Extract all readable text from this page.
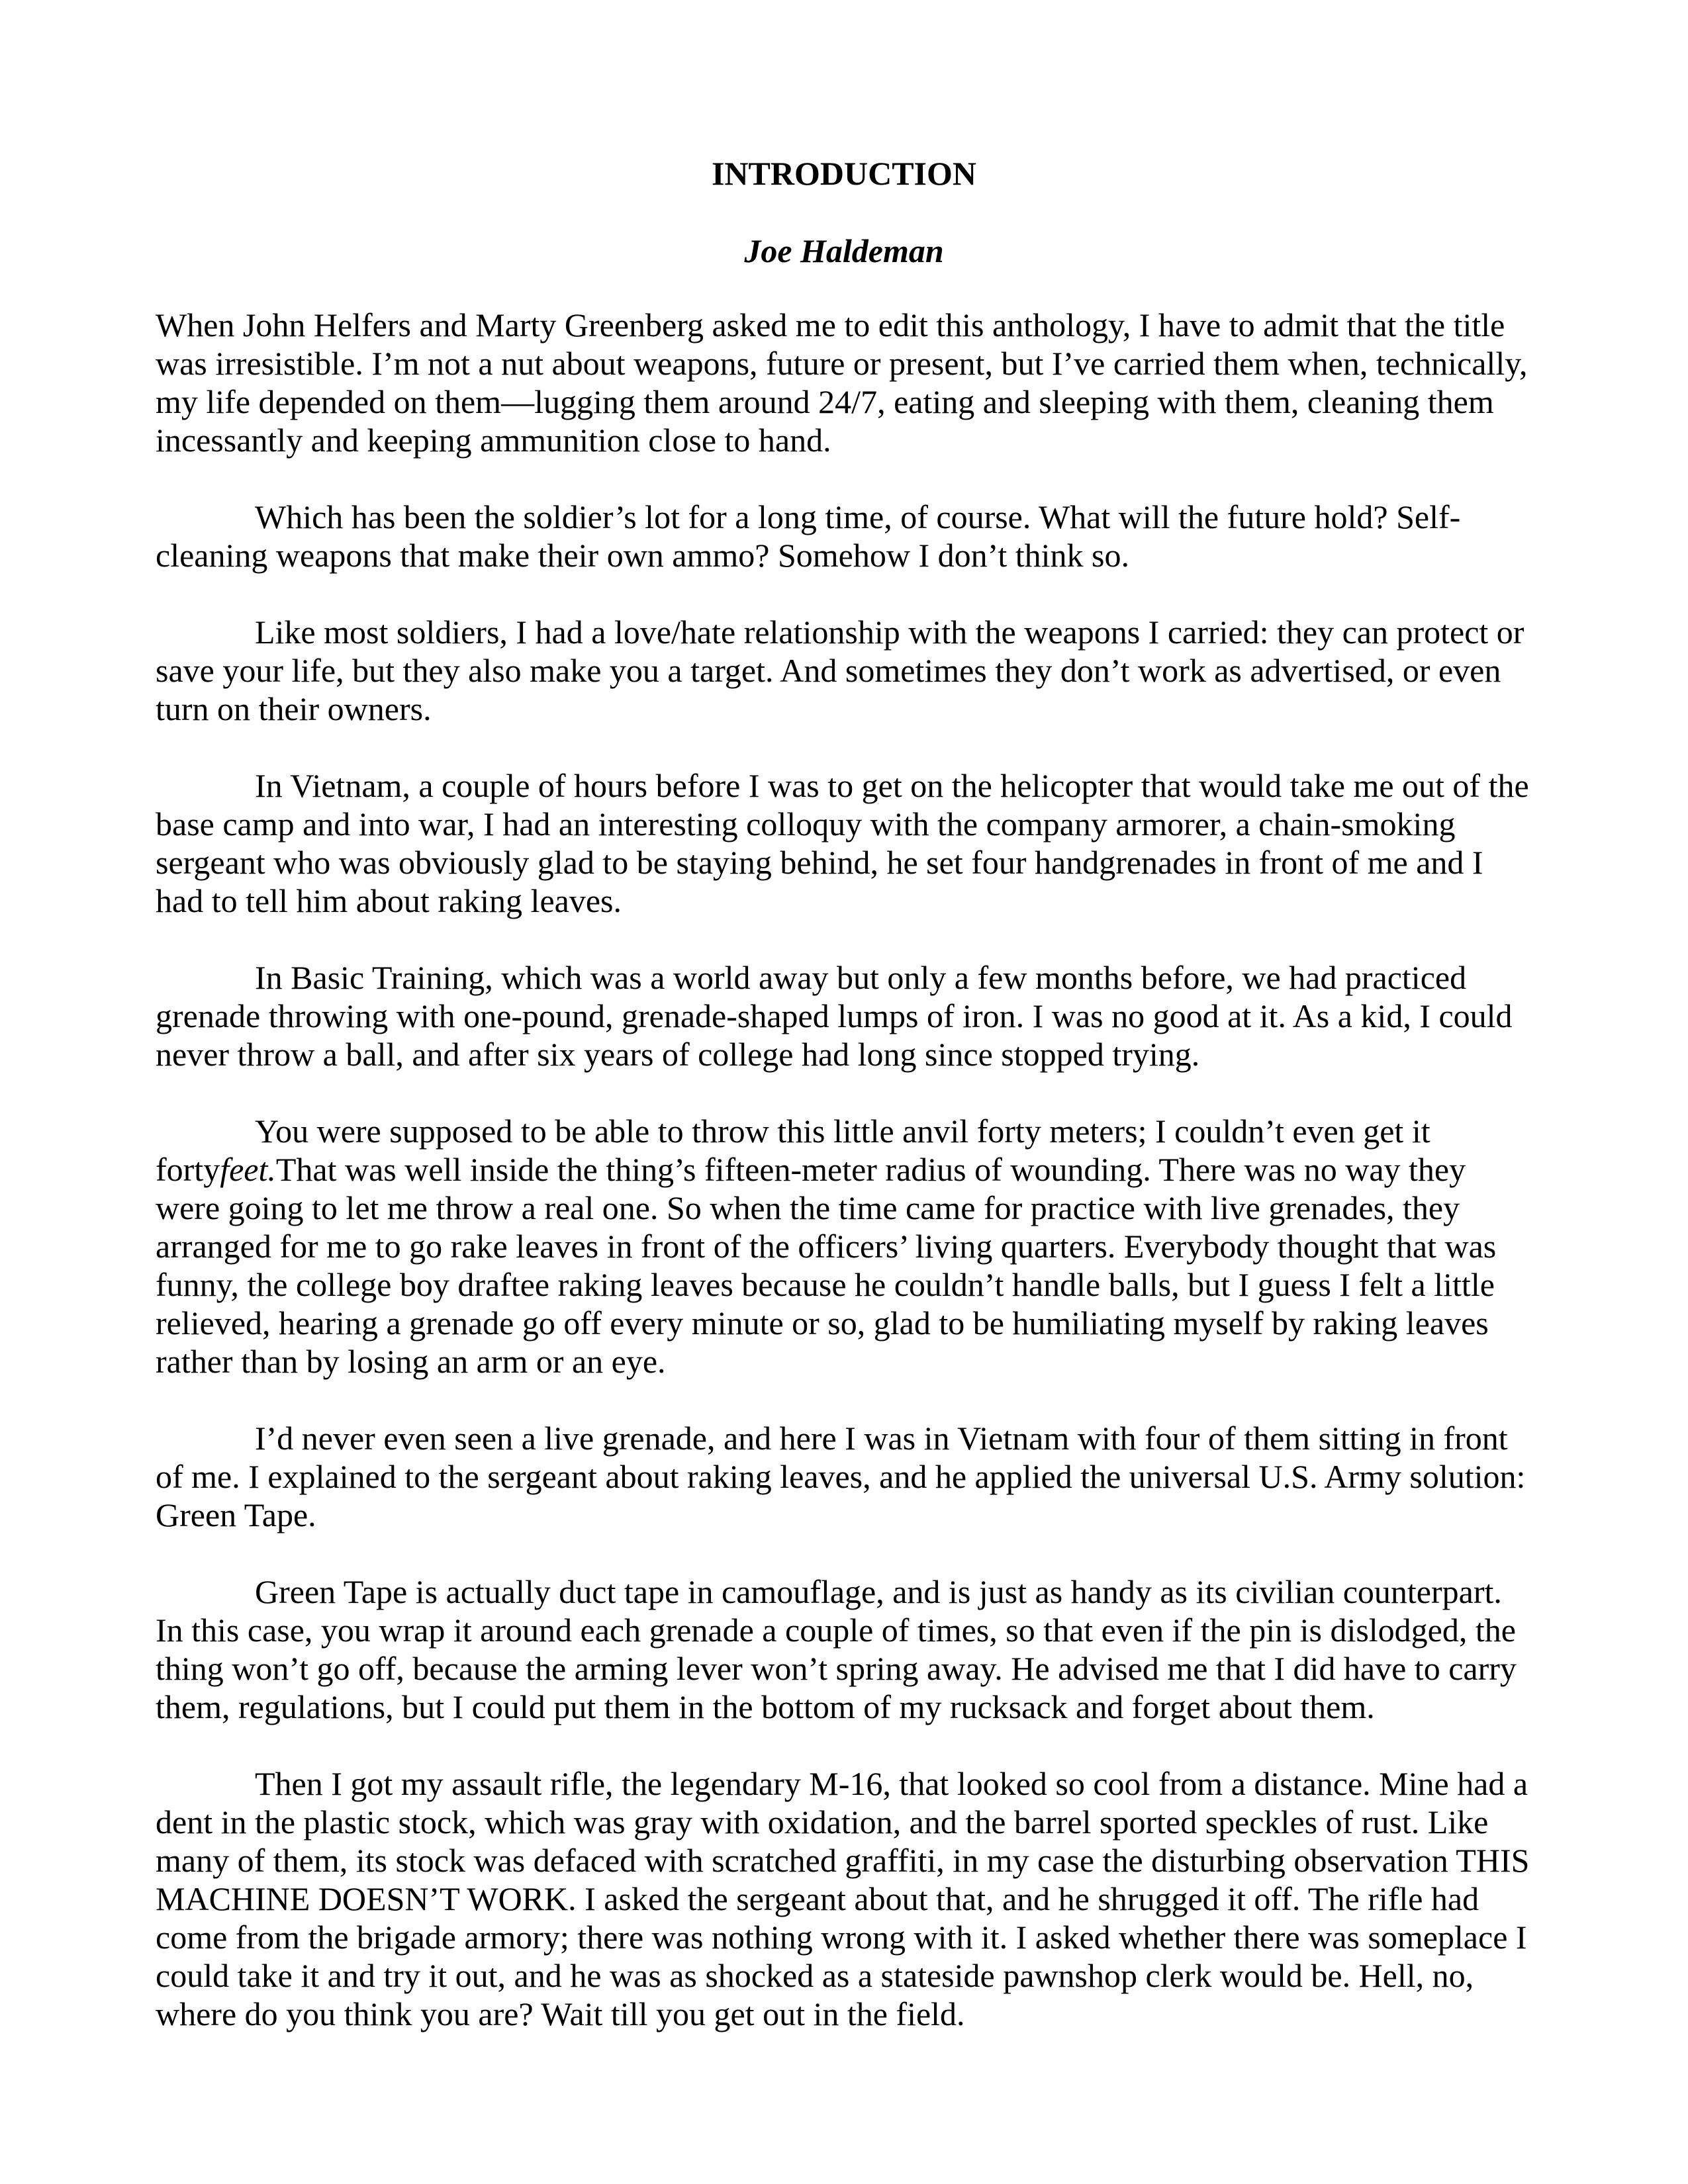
INTRODUCTION
Joe Haldeman

When John Helfers and Marty Greenberg asked me to edit this anthology, I have to admit that the title
was irresistible. I’m not a nut about weapons, future or present, but I’ve carried them when, technically,
my life depended on them—lugging them around 24/7, eating and sleeping with them, cleaning them
incessantly and keeping ammunition close to hand.

Which has been the soldier’s lot for a long time, of course. What will the future hold? Self-
cleaning weapons that make their own ammo? Somehow I don’t think so.

Like most soldiers, I had a love/hate relationship with the weapons I carried: they can protect or
save your life, but they also make you a target. And sometimes they don’t work as advertised, or even
turn on their owners.

In Vietnam, a couple of hours before I was to get on the helicopter that would take me out of the
base camp and into war, I had an interesting colloquy with the company armorer, a chain-smoking
sergeant who was obviously glad to be staying behind, he set four handgrenades in front of me and I
had to tell him about raking leaves.

In Basic Training, which was a world away but only a few months before, we had practiced
grenade throwing with one-pound, grenade-shaped lumps of iron. I was no good at it. As a kid, I could
never throw a ball, and after six years of college had long since stopped trying.

You were supposed to be able to throw this little anvil forty meters; I couldn’t even get it
fortyfeet.That was well inside the thing’s fifteen-meter radius of wounding. There was no way they
were going to let me throw a real one. So when the time came for practice with live grenades, they
arranged for me to go rake leaves in front of the officers’ living quarters. Everybody thought that was
funny, the college boy draftee raking leaves because he couldn’t handle balls, but I guess I felt a little
relieved, hearing a grenade go off every minute or so, glad to be humiliating myself by raking leaves
rather than by losing an arm or an eye.

I’d never even seen a live grenade, and here I was in Vietnam with four of them sitting in front
of me. I explained to the sergeant about raking leaves, and he applied the universal U.S. Army solution:
Green Tape.

Green Tape is actually duct tape in camouflage, and is just as handy as its civilian counterpart.
In this case, you wrap it around each grenade a couple of times, so that even if the pin is dislodged, the
thing won’t go off, because the arming lever won’t spring away. He advised me that I did have to carry
them, regulations, but I could put them in the bottom of my rucksack and forget about them.

Then I got my assault rifle, the legendary M-16, that looked so cool from a distance. Mine had a
dent in the plastic stock, which was gray with oxidation, and the barrel sported speckles of rust. Like
many of them, its stock was defaced with scratched graffiti, in my case the disturbing observation THIS
MACHINE DOESN’T WORK. I asked the sergeant about that, and he shrugged it off. The rifle had
come from the brigade armory; there was nothing wrong with it. I asked whether there was someplace I
could take it and try it out, and he was as shocked as a stateside pawnshop clerk would be. Hell, no,
where do you think you are? Wait till you get out in the field.
